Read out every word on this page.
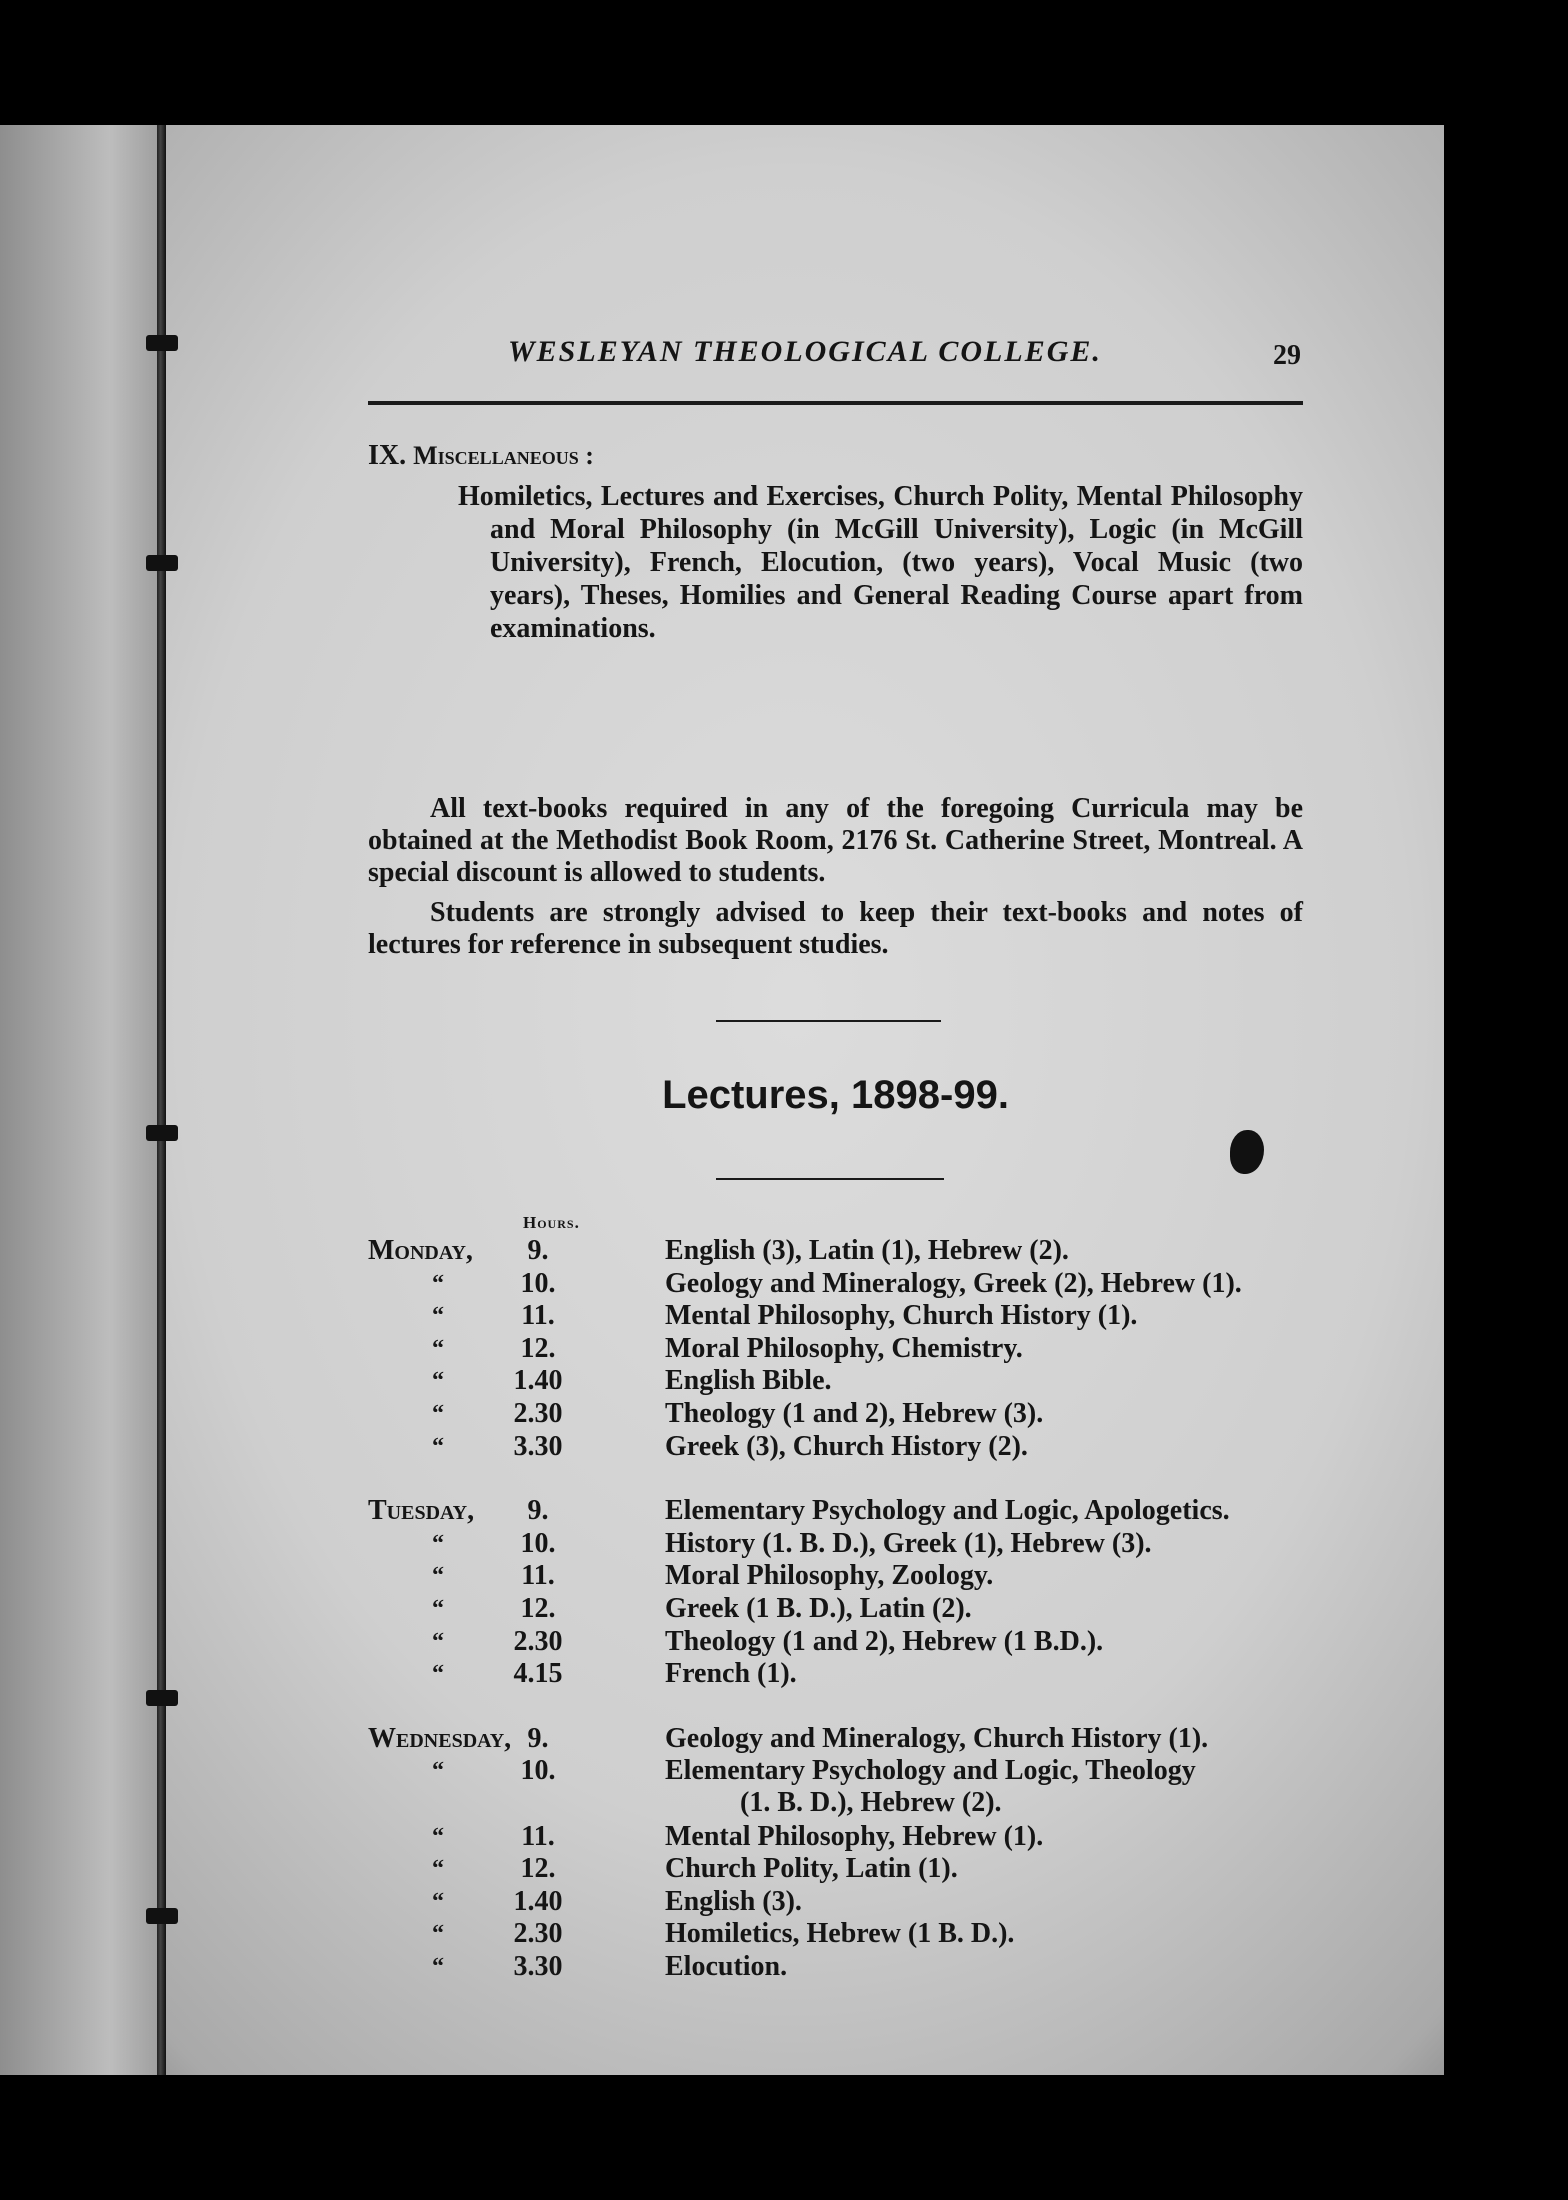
WESLEYAN THEOLOGICAL COLLEGE.	29
IX. Miscellaneous :
Homiletics, Lectures and Exercises, Church Polity, Mental Philosophy and Moral Philosophy (in McGill University), Logic (in McGill University), French, Elocution, (two years), Vocal Music (two years), Theses, Homilies and General Reading Course apart from examinations.
All text-books required in any of the foregoing Curricula may be obtained at the Methodist Book Room, 2176 St. Catherine Street, Montreal. A special discount is allowed to students.
Students are strongly advised to keep their text-books and notes of lectures for reference in subsequent studies.
Lectures, 1898-99.
Hours.
Monday,	9.	English (3), Latin (1), Hebrew (2).
“	10.	Geology and Mineralogy, Greek (2), Hebrew (1).
“	11.	Mental Philosophy, Church History (1).
“	12.	Moral Philosophy, Chemistry.
“	1.40	English Bible.
“	2.30	Theology (1 and 2), Hebrew (3).
“	3.30	Greek (3), Church History (2).
Tuesday,	9.	Elementary Psychology and Logic, Apologetics.
“	10.	History (1. B. D.), Greek (1), Hebrew (3).
“	11.	Moral Philosophy, Zoology.
“	12.	Greek (1 B. D.), Latin (2).
“	2.30	Theology (1 and 2), Hebrew (1 B.D.).
“	4.15	French (1).
Wednesday, 9.	Geology and Mineralogy, Church History (1).
“	10.	Elementary Psychology and Logic, Theology
(1. B. D.), Hebrew (2).
“	11.	Mental Philosophy, Hebrew (1).
“	12.	Church Polity, Latin (1).
“	1.40	English (3).
“	2.30	Homiletics, Hebrew (1 B. D.).
“	3.30	Elocution.
